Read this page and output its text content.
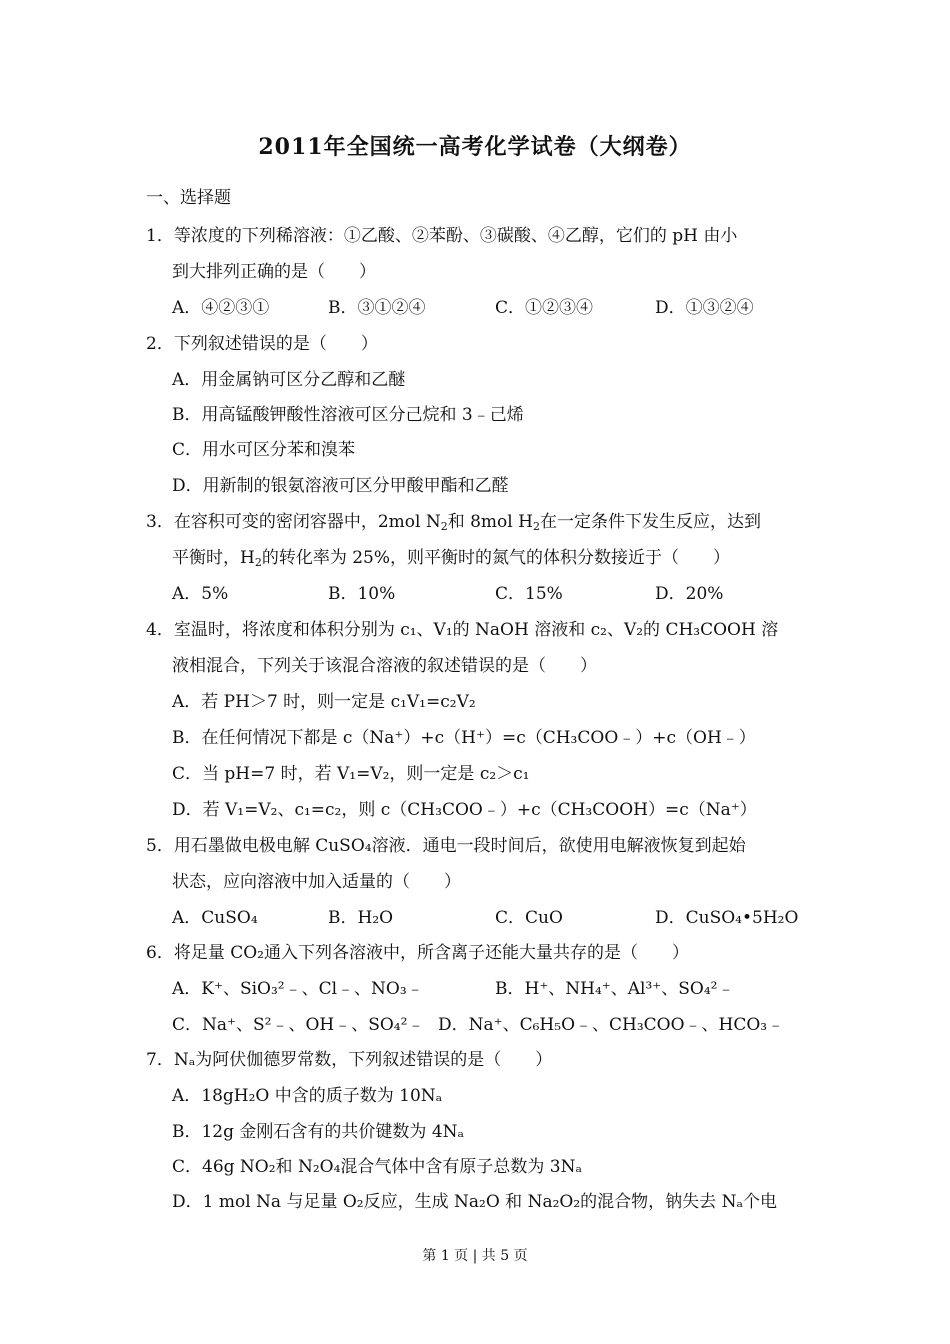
2011年全国统一高考化学试卷（大纲卷）
一、选择题
1．等浓度的下列稀溶液：①乙酸、②苯酚、③碳酸、④乙醇，它们的 pH 由小
到大排列正确的是（　　）
A．④②③①	B．③①②④	C．①②③④	D．①③②④
2．下列叙述错误的是（　　）
A．用金属钠可区分乙醇和乙醚
B．用高锰酸钾酸性溶液可区分己烷和 3﹣己烯
C．用水可区分苯和溴苯
D．用新制的银氨溶液可区分甲酸甲酯和乙醛
3．在容积可变的密闭容器中，2mol $N_2$和 8mol $H_2$在一定条件下发生反应，达到
平衡时，$H_2$的转化率为 25%，则平衡时的氮气的体积分数接近于（　　）
A．5%	B．10%	C．15%	D．20%
4．室温时，将浓度和体积分别为 c₁、V₁的 NaOH 溶液和 c₂、V₂的 CH₃COOH 溶
液相混合，下列关于该混合溶液的叙述错误的是（　　）
A．若 PH＞7 时，则一定是 c₁V₁=c₂V₂
B．在任何情况下都是 c（Na⁺）+c（H⁺）=c（CH₃COO﹣）+c（OH﹣）
C．当 pH=7 时，若 V₁=V₂，则一定是 c₂＞c₁
D．若 V₁=V₂、c₁=c₂，则 c（CH₃COO﹣）+c（CH₃COOH）=c（Na⁺）
5．用石墨做电极电解 CuSO₄溶液．通电一段时间后，欲使用电解液恢复到起始
状态，应向溶液中加入适量的（　　）
A．CuSO₄	B．H₂O	C．CuO	D．CuSO₄•5H₂O
6．将足量 CO₂通入下列各溶液中，所含离子还能大量共存的是（　　）
A．K⁺、SiO₃²﹣、Cl﹣、NO₃﹣	B．H⁺、NH₄⁺、Al³⁺、SO₄²﹣
C．Na⁺、S²﹣、OH﹣、SO₄²﹣ D．Na⁺、C₆H₅O﹣、CH₃COO﹣、HCO₃﹣
7．Nₐ为阿伏伽德罗常数，下列叙述错误的是（　　）
A．18gH₂O 中含的质子数为 10Nₐ
B．12g 金刚石含有的共价键数为 4Nₐ
C．46g NO₂和 N₂O₄混合气体中含有原子总数为 3Nₐ
D．1 mol Na 与足量 O₂反应，生成 Na₂O 和 Na₂O₂的混合物，钠失去 Nₐ个电
第 1 页 | 共 5 页
